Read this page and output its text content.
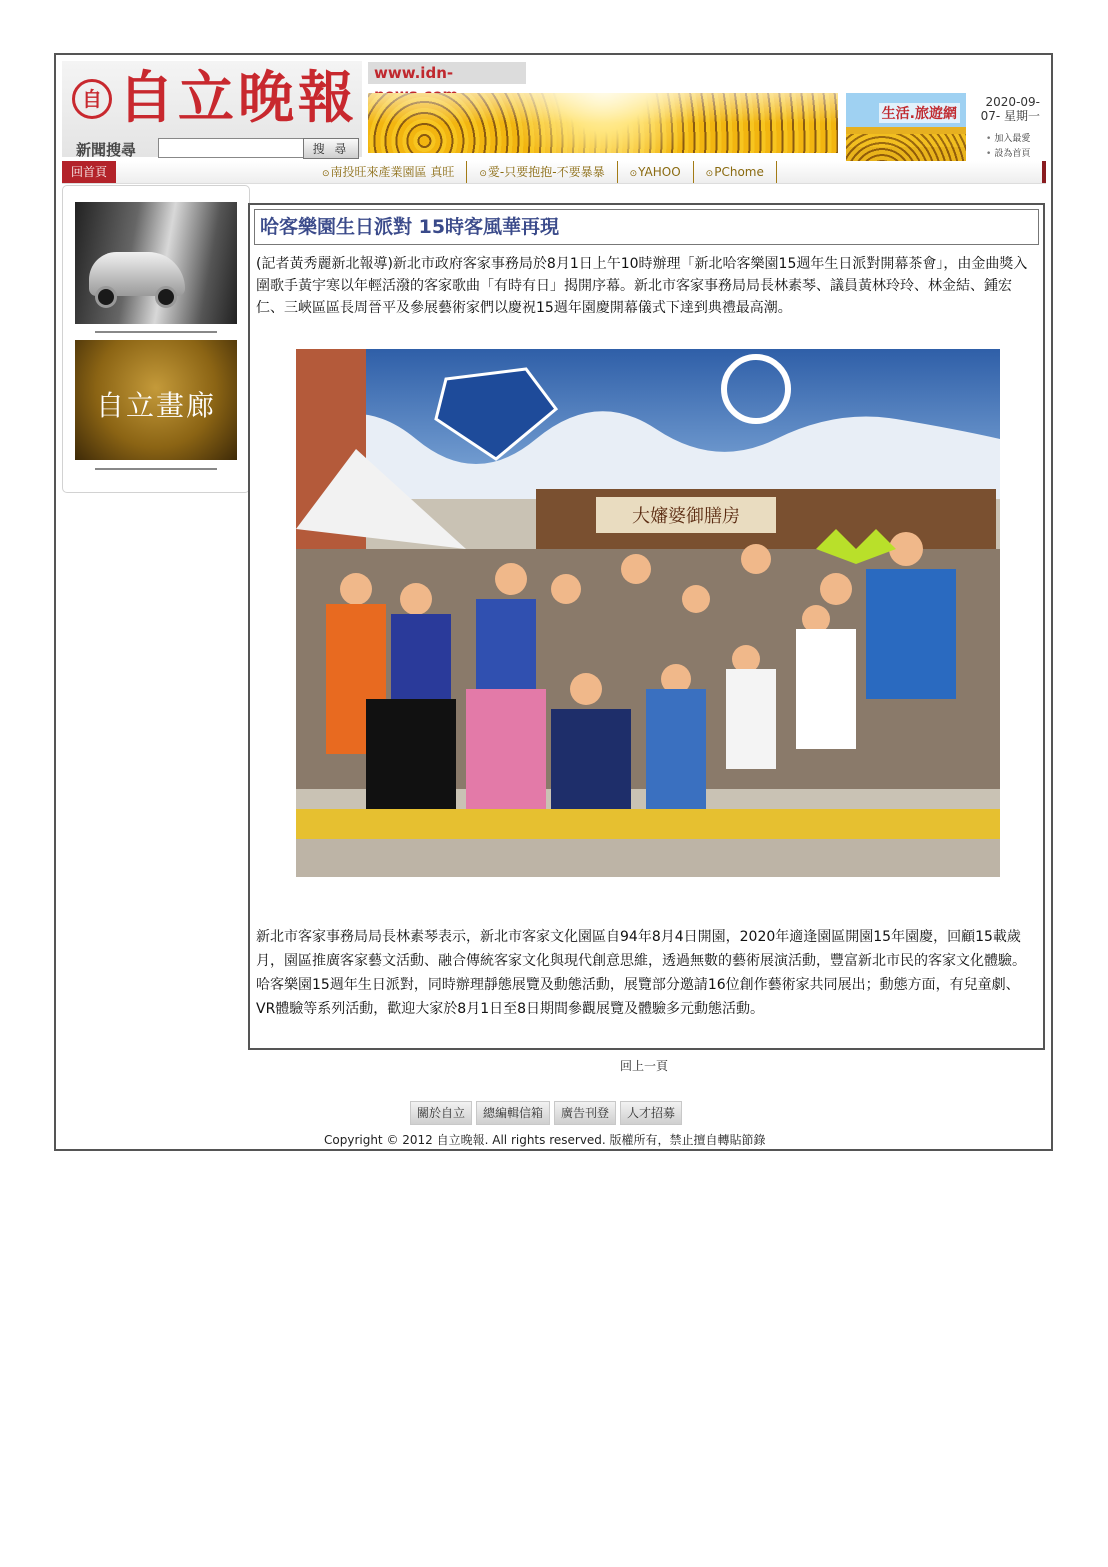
自 自立晚報
新聞搜尋	搜 尋
www.idn-
生活.旅遊網
2020-09-
07- 星期一
• 加入最愛
• 設為首頁
回首頁	⊙ 南投旺來產業園區 真旺	⊙ 愛-只要抱抱-不要暴暴	⊙ YAHOO	⊙ PChome
自立畫廊
哈客樂園生日派對 15時客風華再現

(記者黃秀麗新北報導)新北市政府客家事務局於8月1日上午10時辦理「新北哈客樂園15週年生日派對開幕茶會」，由金曲獎入圍歌手黃宇寒以年輕活潑的客家歌曲「有時有日」揭開序幕。新北市客家事務局局長林素琴、議員黃林玲玲、林金結、鍾宏仁、三峽區區長周晉平及參展藝術家們以慶祝15週年園慶開幕儀式下達到典禮最高潮。

大嬸婆御膳房

新北市客家事務局局長林素琴表示，新北市客家文化園區自94年8月4日開園，2020年適逢園區開園15年園慶，回顧15載歲月，園區推廣客家藝文活動、融合傳統客家文化與現代創意思維，透過無數的藝術展演活動，豐富新北市民的客家文化體驗。哈客樂園15週年生日派對，同時辦理靜態展覽及動態活動，展覽部分邀請16位創作藝術家共同展出；動態方面，有兒童劇、VR體驗等系列活動，歡迎大家於8月1日至8日期間參觀展覽及體驗多元動態活動。

回上一頁
關於自立	總編輯信箱	廣告刊登	人才招募
Copyright © 2012 自立晚報. All rights reserved. 版權所有，禁止擅自轉貼節錄
